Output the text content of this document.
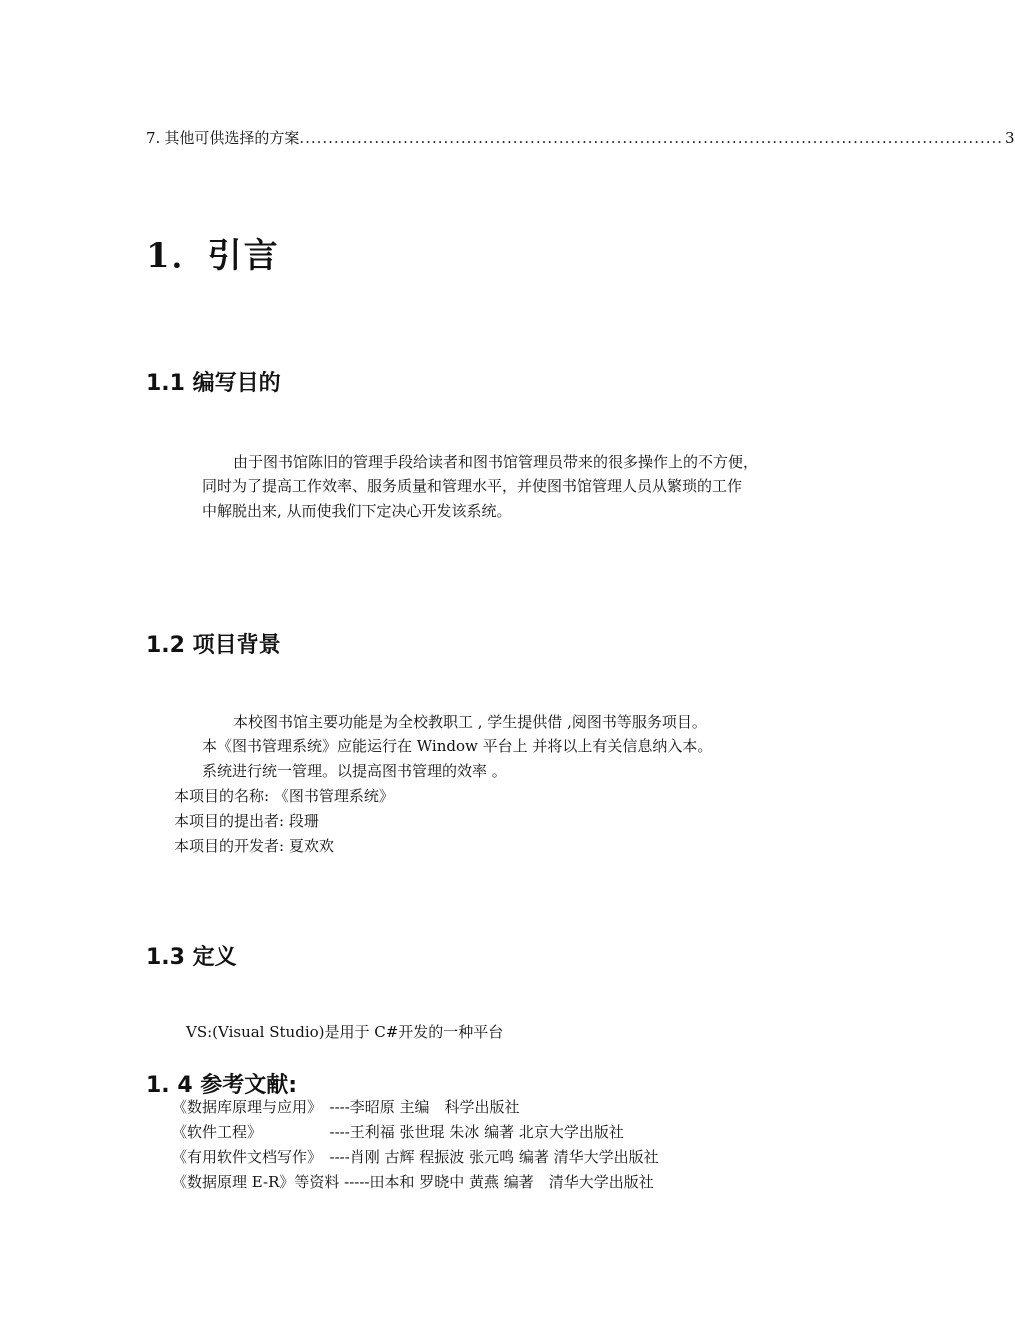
7. 其他可供选择的方案 .......................................................................................................................... 3
1．引言
1.1 编写目的
由于图书馆陈旧的管理手段给读者和图书馆管理员带来的很多操作上的不方便，
同时为了提高工作效率、服务质量和管理水平，并使图书馆管理人员从繁琐的工作
中解脱出来, 从而使我们下定决心开发该系统。
1.2 项目背景
本校图书馆主要功能是为全校教职工 , 学生提供借 ,阅图书等服务项目。
本《图书管理系统》应能运行在 Window 平台上 并将以上有关信息纳入本。
系统进行统一管理。以提高图书管理的效率 。
本项目的名称: 《图书管理系统》
本项目的提出者: 段珊
本项目的开发者: 夏欢欢
1.3 定义
VS:(Visual Studio)是用于 C#开发的一种平台
1. 4 参考文献:
《数据库原理与应用》　----李昭原 主编　科学出版社
《软件工程》　　　　　----王利福 张世琨 朱冰 编著 北京大学出版社
《有用软件文档写作》　----肖刚 古辉 程振波 张元鸣 编著 清华大学出版社
《数据原理 E-R》等资料 -----田本和 罗晓中 黄燕 编著　清华大学出版社
